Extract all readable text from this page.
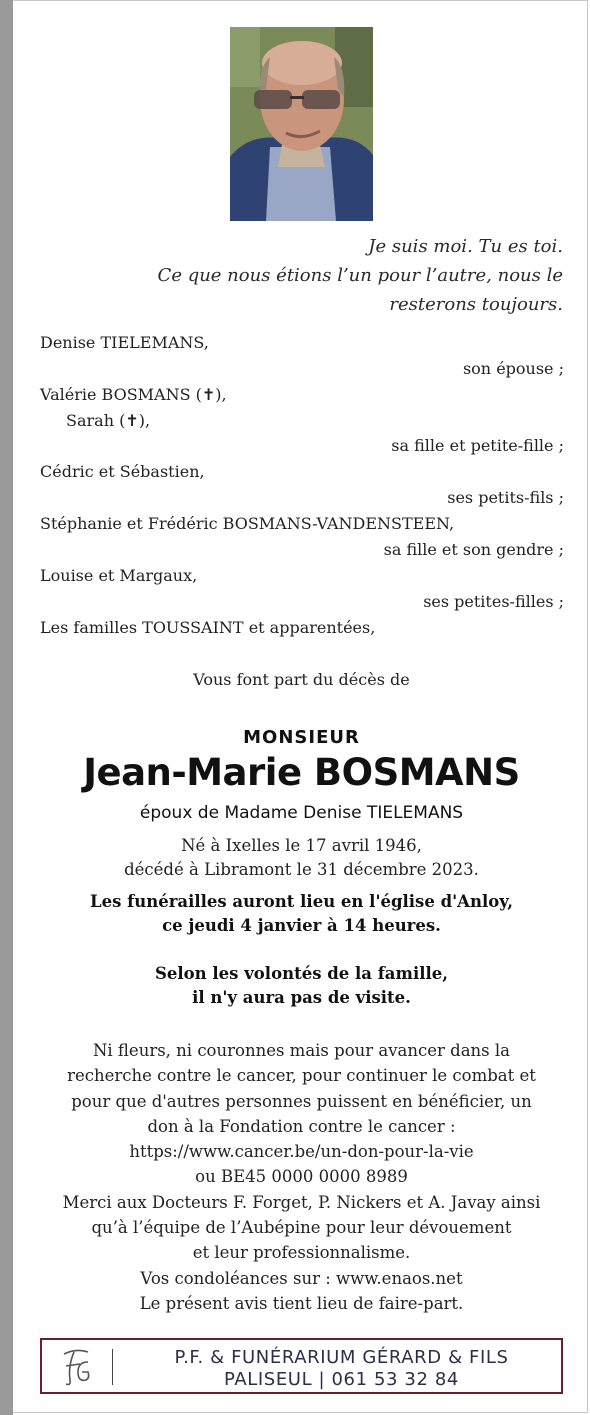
Je suis moi. Tu es toi.
Ce que nous étions l’un pour l’autre, nous le
resterons toujours.
Denise TIELEMANS,
son épouse ;
Valérie BOSMANS (✝),
Sarah (✝),
sa fille et petite-fille ;
Cédric et Sébastien,
ses petits-fils ;
Stéphanie et Frédéric BOSMANS-VANDENSTEEN,
sa fille et son gendre ;
Louise et Margaux,
ses petites-filles ;
Les familles TOUSSAINT et apparentées,
Vous font part du décès de
MONSIEUR
Jean-Marie BOSMANS
époux de Madame Denise TIELEMANS
Né à Ixelles le 17 avril 1946,
décédé à Libramont le 31 décembre 2023.
Les funérailles auront lieu en l'église d'Anloy,
ce jeudi 4 janvier à 14 heures.
Selon les volontés de la famille,
il n'y aura pas de visite.
Ni fleurs, ni couronnes mais pour avancer dans la
recherche contre le cancer, pour continuer le combat et
pour que d'autres personnes puissent en bénéficier, un
don à la Fondation contre le cancer :
https://www.cancer.be/un-don-pour-la-vie
ou BE45 0000 0000 8989
Merci aux Docteurs F. Forget, P. Nickers et A. Javay ainsi
qu’à l’équipe de l’Aubépine pour leur dévouement
et leur professionnalisme.
Vos condoléances sur : www.enaos.net
Le présent avis tient lieu de faire-part.
P.F. & FUNÉRARIUM GÉRARD & FILS
PALISEUL | 061 53 32 84
